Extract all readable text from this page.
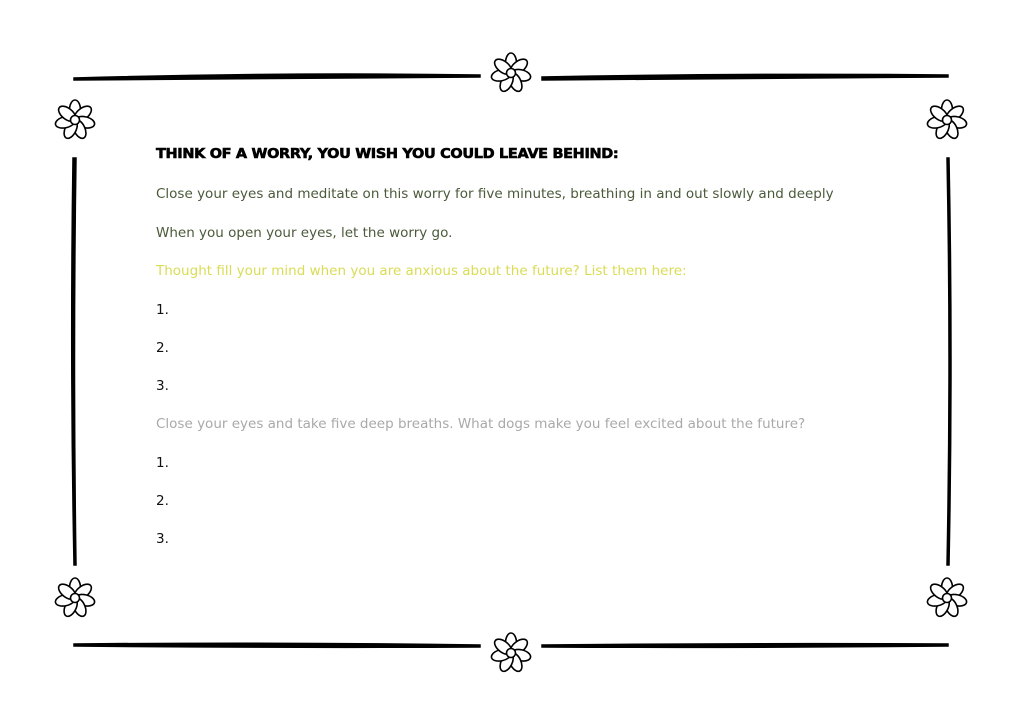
THINK OF A WORRY, YOU WISH YOU COULD LEAVE BEHIND:

Close your eyes and meditate on this worry for five minutes, breathing in and out slowly and deeply

When you open your eyes, let the worry go.

Thought fill your mind when you are anxious about the future? List them here:

1.

2.

3.

Close your eyes and take five deep breaths. What dogs make you feel excited about the future?

1.

2.

3.
